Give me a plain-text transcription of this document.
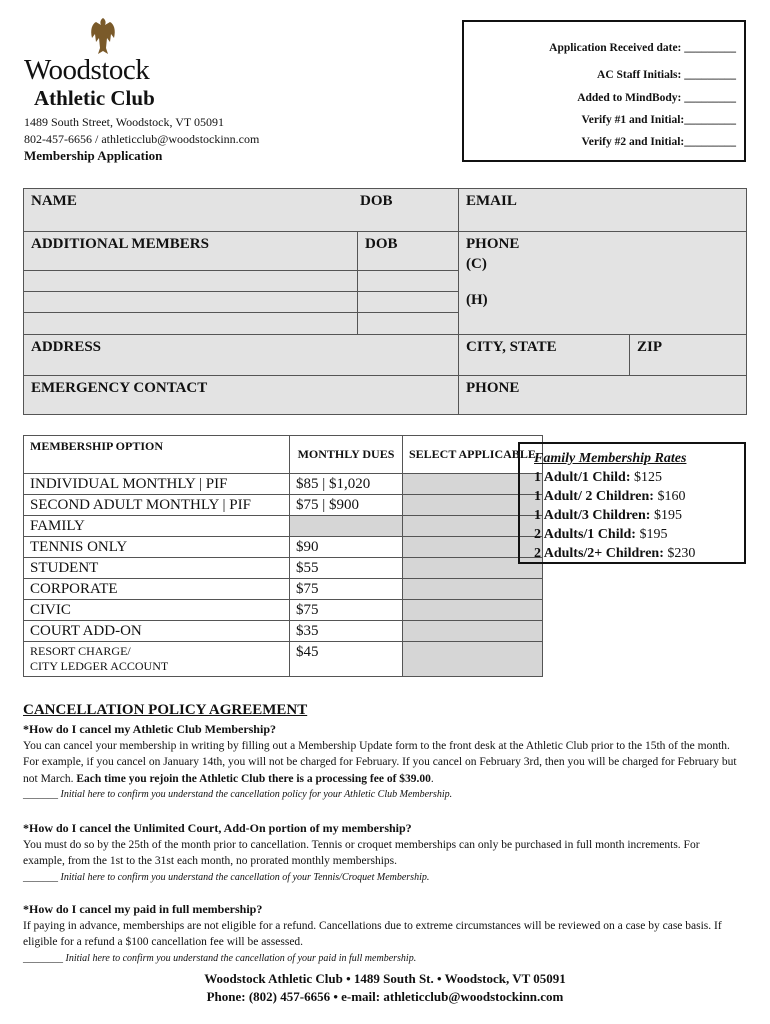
Woodstock
Athletic Club
1489 South Street, Woodstock, VT 05091
802-457-6656 / athleticclub@woodstockinn.com
Membership Application
Application Received date: _________
AC Staff Initials: _________
Added to MindBody: _________
Verify #1 and Initial:_________
Verify #2 and Initial:_________
NAME	DOB	EMAIL
ADDITIONAL MEMBERS	DOB	PHONE
(C)
(H)
ADDRESS	CITY, STATE	ZIP
EMERGENCY CONTACT	PHONE
MEMBERSHIP OPTION	MONTHLY DUES	SELECT APPLICABLE
INDIVIDUAL MONTHLY | PIF	$85 | $1,020	
SECOND ADULT MONTHLY | PIF	$75 | $900	
FAMILY		
TENNIS ONLY	$90	
STUDENT	$55	
CORPORATE	$75	
CIVIC	$75	
COURT ADD-ON	$35	

RESORT CHARGE/
CITY LEDGER ACCOUNT	$45	
Family Membership Rates
1 Adult/1 Child: $125
1 Adult/ 2 Children: $160
1 Adult/3 Children: $195
2 Adults/1 Child: $195
2 Adults/2+ Children: $230
CANCELLATION POLICY AGREEMENT
*How do I cancel my Athletic Club Membership?
You can cancel your membership in writing by filling out a Membership Update form to the front desk at the Athletic Club prior to the 15th of the month. For example, if you cancel on January 14th, you will not be charged for February. If you cancel on February 3rd, then you will be charged for February but not March. Each time you rejoin the Athletic Club there is a processing fee of $39.00.
_______ Initial here to confirm you understand the cancellation policy for your Athletic Club Membership.
*How do I cancel the Unlimited Court, Add-On portion of my membership?
You must do so by the 25th of the month prior to cancellation. Tennis or croquet memberships can only be purchased in full month increments. For example, from the 1st to the 31st each month, no prorated monthly memberships.
_______ Initial here to confirm you understand the cancellation of your Tennis/Croquet Membership.
*How do I cancel my paid in full membership?
If paying in advance, memberships are not eligible for a refund. Cancellations due to extreme circumstances will be reviewed on a case by case basis. If eligible for a refund a $100 cancellation fee will be assessed.
________ Initial here to confirm you understand the cancellation of your paid in full membership.
Woodstock Athletic Club • 1489 South St. • Woodstock, VT 05091
Phone: (802) 457-6656 • e-mail: athleticclub@woodstockinn.com
